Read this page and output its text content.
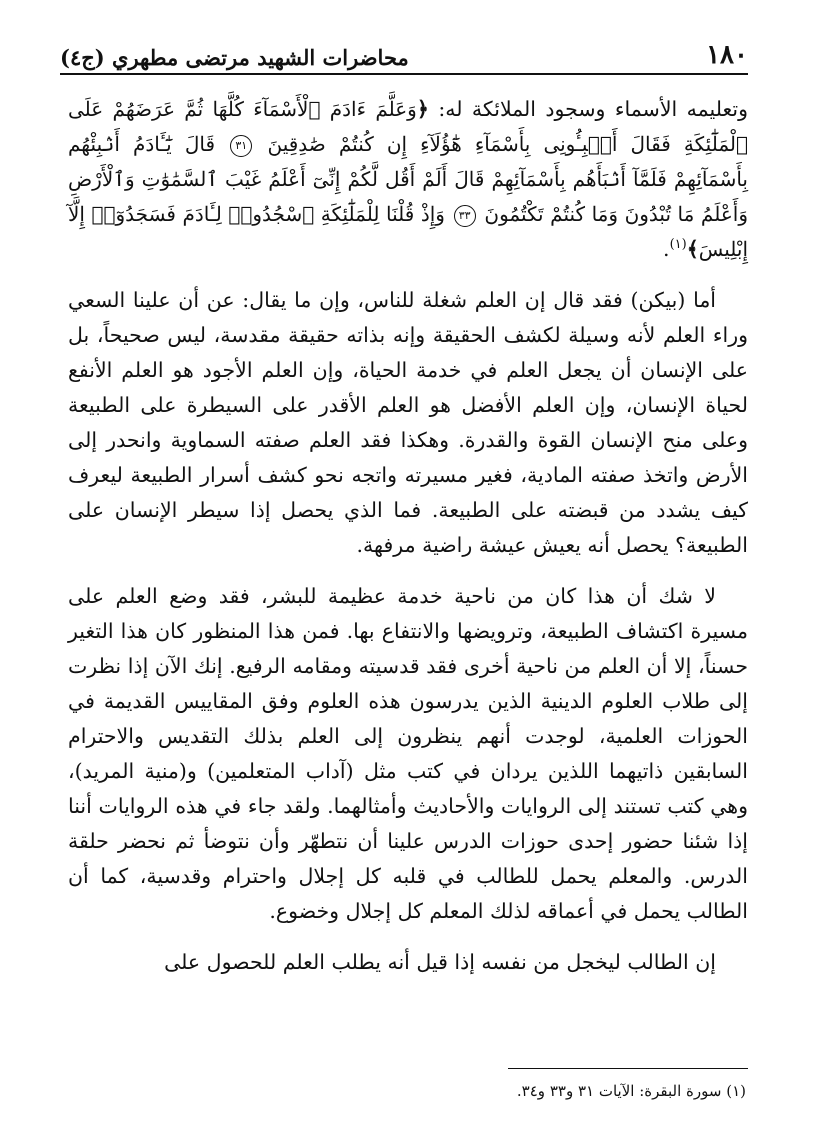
١٨٠
محاضرات الشهيد مرتضى مطهري (ج٤)

وتعليمه الأسماء وسجود الملائكة له: ﴿وَعَلَّمَ ءَادَمَ ٱلْأَسْمَآءَ كُلَّهَا ثُمَّ عَرَضَهُمْ عَلَى ٱلْمَلَٰٓئِكَةِ فَقَالَ أَنۢبِـُٔونِى بِأَسْمَآءِ هَٰٓؤُلَآءِ إِن كُنتُمْ صَٰدِقِينَ ٣١ قَالَ يَٰٓـَٔادَمُ أَنۢبِئْهُم بِأَسْمَآئِهِمْ فَلَمَّآ أَنۢبَأَهُم بِأَسْمَآئِهِمْ قَالَ أَلَمْ أَقُل لَّكُمْ إِنِّىٓ أَعْلَمُ غَيْبَ ٱلسَّمَٰوَٰتِ وَٱلْأَرْضِ وَأَعْلَمُ مَا تُبْدُونَ وَمَا كُنتُمْ تَكْتُمُونَ ٣٣ وَإِذْ قُلْنَا لِلْمَلَٰٓئِكَةِ ٱسْجُدُوا۟ لِـَٔادَمَ فَسَجَدُوٓا۟ إِلَّآ إِبْلِيسَ﴾$^{(١)}$.

أما (بيكن) فقد قال إن العلم شغلة للناس، وإن ما يقال: عن أن علينا السعي وراء العلم لأنه وسيلة لكشف الحقيقة وإنه بذاته حقيقة مقدسة، ليس صحيحاً، بل على الإنسان أن يجعل العلم في خدمة الحياة، وإن العلم الأجود هو العلم الأنفع لحياة الإنسان، وإن العلم الأفضل هو العلم الأقدر على السيطرة على الطبيعة وعلى منح الإنسان القوة والقدرة. وهكذا فقد العلم صفته السماوية وانحدر إلى الأرض واتخذ صفته المادية، فغير مسيرته واتجه نحو كشف أسرار الطبيعة ليعرف كيف يشدد من قبضته على الطبيعة. فما الذي يحصل إذا سيطر الإنسان على الطبيعة؟ يحصل أنه يعيش عيشة راضية مرفهة.

لا شك أن هذا كان من ناحية خدمة عظيمة للبشر، فقد وضع العلم على مسيرة اكتشاف الطبيعة، وترويضها والانتفاع بها. فمن هذا المنظور كان هذا التغير حسناً، إلا أن العلم من ناحية أخرى فقد قدسيته ومقامه الرفيع. إنك الآن إذا نظرت إلى طلاب العلوم الدينية الذين يدرسون هذه العلوم وفق المقاييس القديمة في الحوزات العلمية، لوجدت أنهم ينظرون إلى العلم بذلك التقديس والاحترام السابقين ذاتيهما اللذين يردان في كتب مثل (آداب المتعلمين) و(منية المريد)، وهي كتب تستند إلى الروايات والأحاديث وأمثالهما. ولقد جاء في هذه الروايات أننا إذا شئنا حضور إحدى حوزات الدرس علينا أن نتطهّر وأن نتوضأ ثم نحضر حلقة الدرس. والمعلم يحمل للطالب في قلبه كل إجلال واحترام وقدسية، كما أن الطالب يحمل في أعماقه لذلك المعلم كل إجلال وخضوع.

إن الطالب ليخجل من نفسه إذا قيل أنه يطلب العلم للحصول على

(١) سورة البقرة: الآيات ٣١ و٣٣ و٣٤.
